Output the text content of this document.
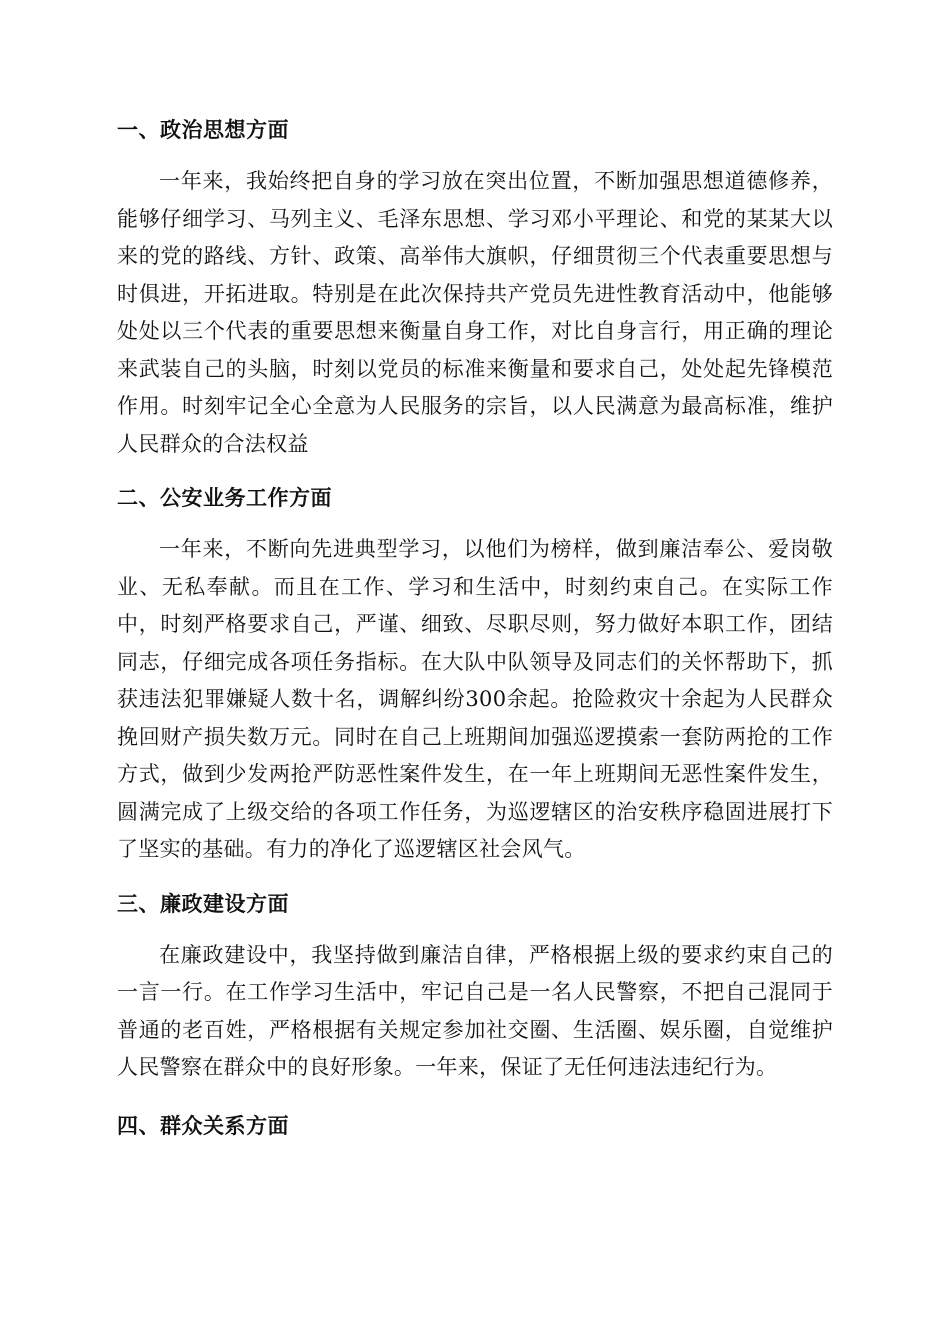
一、政治思想方面

一年来，我始终把自身的学习放在突出位置，不断加强思想道德修养，能够仔细学习、马列主义、毛泽东思想、学习邓小平理论、和党的某某大以来的党的路线、方针、政策、高举伟大旗帜，仔细贯彻三个代表重要思想与时俱进，开拓进取。特别是在此次保持共产党员先进性教育活动中，他能够处处以三个代表的重要思想来衡量自身工作，对比自身言行，用正确的理论来武装自己的头脑，时刻以党员的标准来衡量和要求自己，处处起先锋模范作用。时刻牢记全心全意为人民服务的宗旨，以人民满意为最高标准，维护人民群众的合法权益

二、公安业务工作方面

一年来，不断向先进典型学习，以他们为榜样，做到廉洁奉公、爱岗敬业、无私奉献。而且在工作、学习和生活中，时刻约束自己。在实际工作中，时刻严格要求自己，严谨、细致、尽职尽则，努力做好本职工作，团结同志，仔细完成各项任务指标。在大队中队领导及同志们的关怀帮助下，抓获违法犯罪嫌疑人数十名，调解纠纷300余起。抢险救灾十余起为人民群众挽回财产损失数万元。同时在自己上班期间加强巡逻摸索一套防两抢的工作方式，做到少发两抢严防恶性案件发生，在一年上班期间无恶性案件发生，圆满完成了上级交给的各项工作任务，为巡逻辖区的治安秩序稳固进展打下了坚实的基础。有力的净化了巡逻辖区社会风气。

三、廉政建设方面

在廉政建设中，我坚持做到廉洁自律，严格根据上级的要求约束自己的一言一行。在工作学习生活中，牢记自己是一名人民警察，不把自己混同于普通的老百姓，严格根据有关规定参加社交圈、生活圈、娱乐圈，自觉维护人民警察在群众中的良好形象。一年来，保证了无任何违法违纪行为。

四、群众关系方面
